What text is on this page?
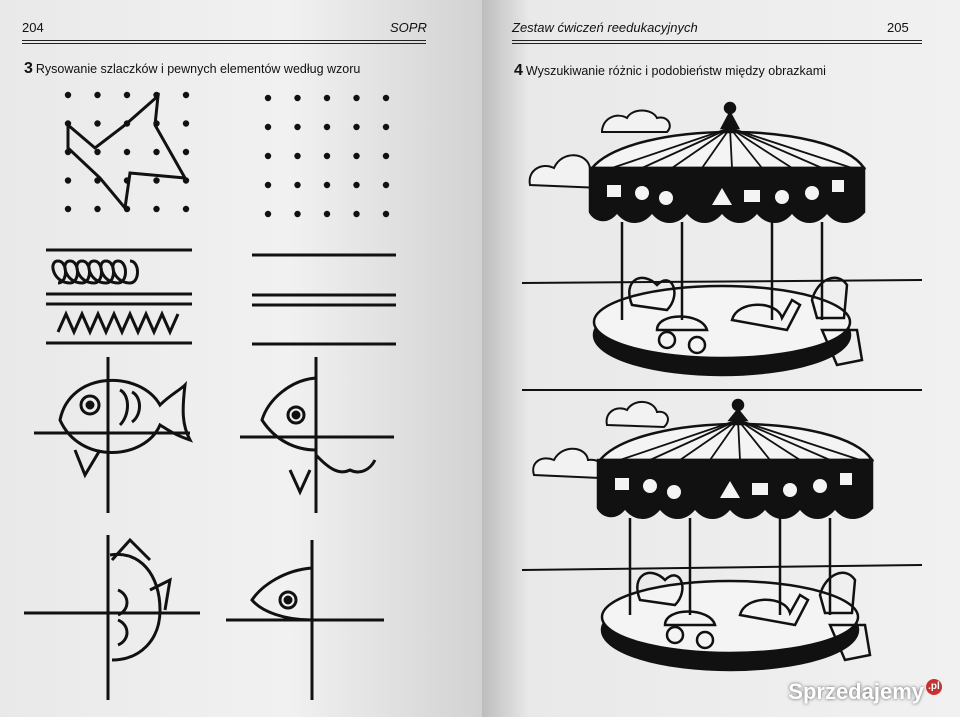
204	SOPR
3 Rysowanie szlaczków i pewnych elementów według wzoru
Zestaw ćwiczeń reedukacyjnych	205
4 Wyszukiwanie różnic i podobieństw między obrazkami
Sprzedajemy .pl
